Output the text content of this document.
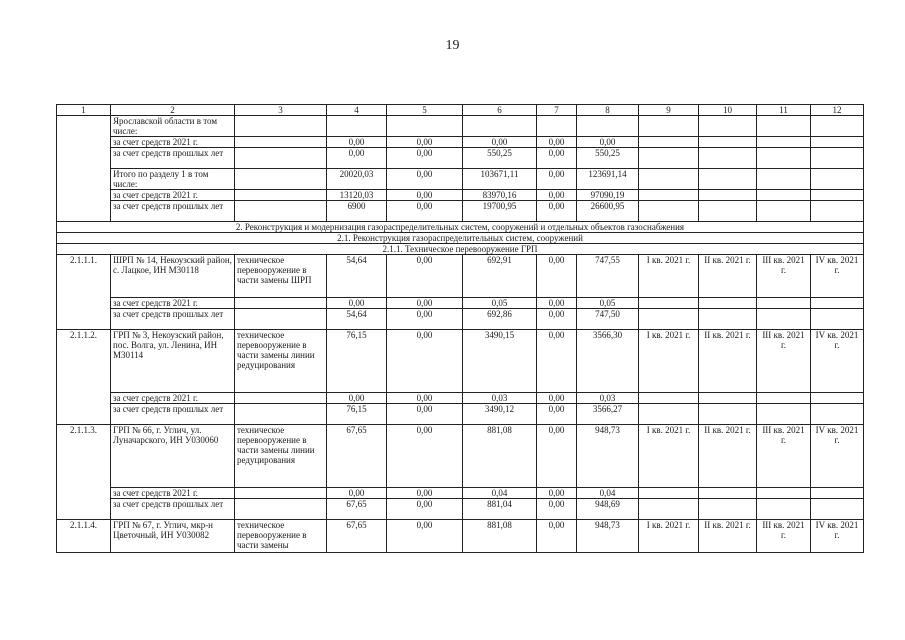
19
1	2	3	4	5	6	7	8	9	10	11	12
	Ярославской области в том числе:										
	за счет средств 2021 г.		0,00	0,00	0,00	0,00	0,00				
	за счет средств прошлых лет		0,00	0,00	550,25	0,00	550,25				
	Итого по разделу 1 в том числе:		20020,03	0,00	103671,11	0,00	123691,14				
	за счет средств 2021 г.		13120,03	0,00	83970,16	0,00	97090,19				
	за счет средств прошлых лет		6900	0,00	19700,95	0,00	26600,95				
2. Реконструкция и модернизация газораспределительных систем, сооружений и отдельных объектов газоснабжения											
2.1. Реконструкция газораспределительных систем, сооружений											
2.1.1. Техническое перевооружение ГРП											
2.1.1.1.	ШРП № 14, Некоузский район, с. Лацкое, ИН М30118	техническое перевооружение в части замены ШРП	54,64	0,00	692,91	0,00	747,55	I кв. 2021 г.	II кв. 2021 г.	III кв. 2021 г.	IV кв. 2021 г.
	за счет средств 2021 г.		0,00	0,00	0,05	0,00	0,05				
	за счет средств прошлых лет		54,64	0,00	692,86	0,00	747,50				
2.1.1.2.	ГРП № 3, Некоузский район, пос. Волга, ул. Ленина, ИН М30114	техническое перевооружение в части замены линии редуцирования	76,15	0,00	3490,15	0,00	3566,30	I кв. 2021 г.	II кв. 2021 г.	III кв. 2021 г.	IV кв. 2021 г.
	за счет средств 2021 г.		0,00	0,00	0,03	0,00	0,03				
	за счет средств прошлых лет		76,15	0,00	3490,12	0,00	3566,27				
2.1.1.3.	ГРП № 66, г. Углич, ул. Луначарского, ИН У030060	техническое перевооружение в части замены линии редуцирования	67,65	0,00	881,08	0,00	948,73	I кв. 2021 г.	II кв. 2021 г.	III кв. 2021 г.	IV кв. 2021 г.
	за счет средств 2021 г.		0,00	0,00	0,04	0,00	0,04				
	за счет средств прошлых лет		67,65	0,00	881,04	0,00	948,69				
2.1.1.4.	ГРП № 67, г. Углич, мкр-н Цветочный, ИН У030082	техническое перевооружение в части замены	67,65	0,00	881,08	0,00	948,73	I кв. 2021 г.	II кв. 2021 г.	III кв. 2021 г.	IV кв. 2021 г.
